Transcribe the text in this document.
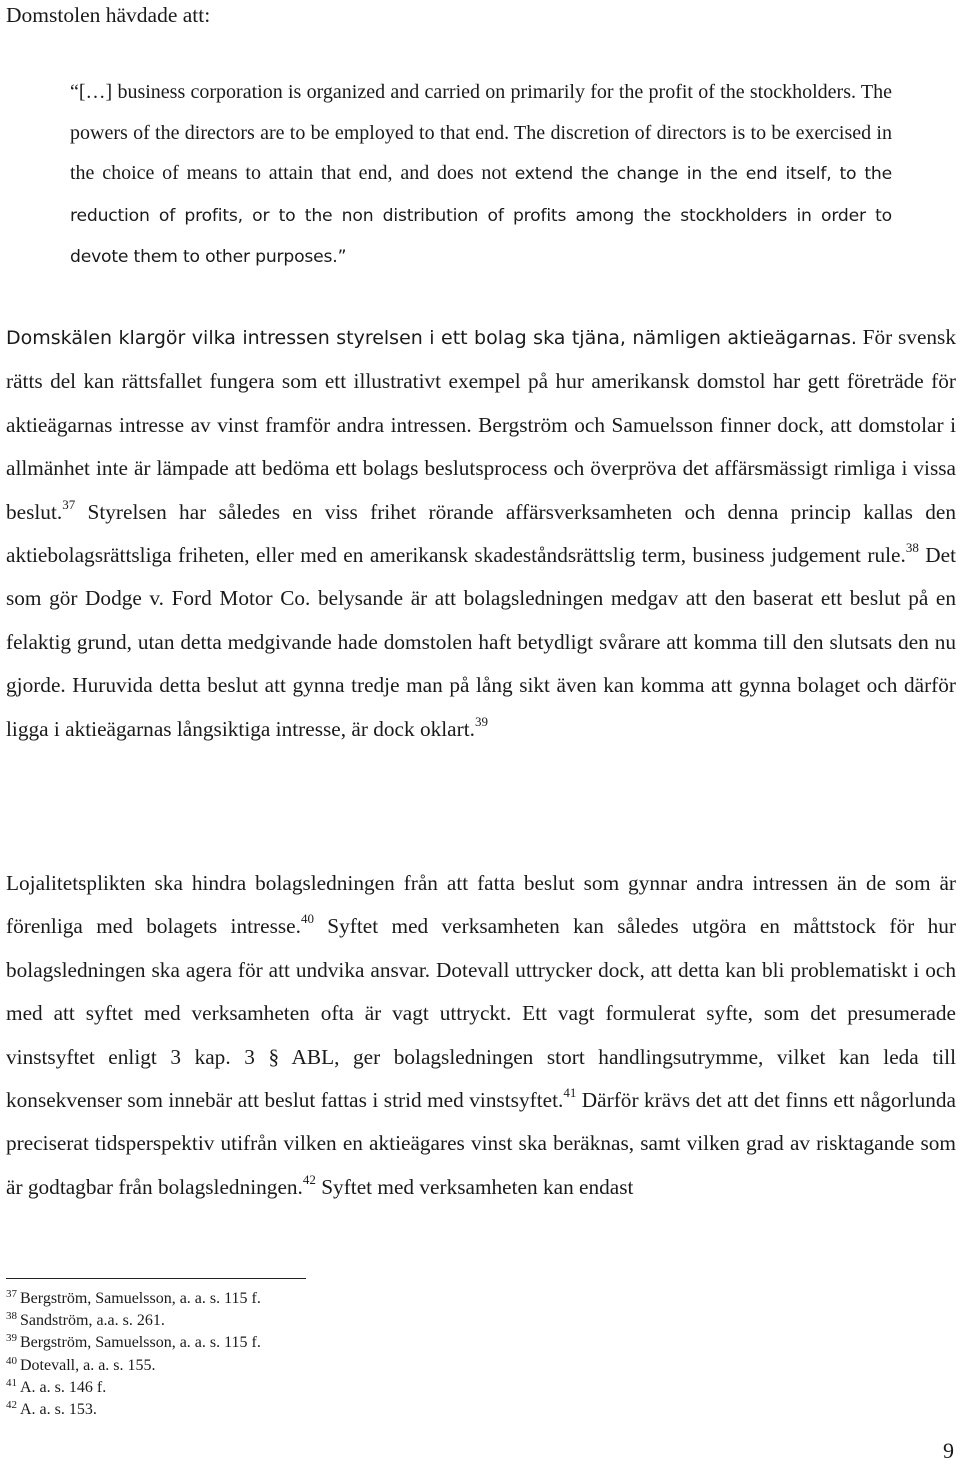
Domstolen hävdade att:

“[…] business corporation is organized and carried on primarily for the profit of the stockholders. The powers of the directors are to be employed to that end. The discretion of directors is to be exercised in the choice of means to attain that end, and does not extend the change in the end itself, to the reduction of profits, or to the non distribution of profits among the stockholders in order to devote them to other purposes.”

Domskälen klargör vilka intressen styrelsen i ett bolag ska tjäna, nämligen aktieägarnas. För svensk rätts del kan rättsfallet fungera som ett illustrativt exempel på hur amerikansk domstol har gett företräde för aktieägarnas intresse av vinst framför andra intressen. Bergström och Samuelsson finner dock, att domstolar i allmänhet inte är lämpade att bedöma ett bolags beslutsprocess och överpröva det affärsmässigt rimliga i vissa beslut.$^{37}$ Styrelsen har således en viss frihet rörande affärsverksamheten och denna princip kallas den aktiebolagsrättsliga friheten, eller med en amerikansk skadeståndsrättslig term, business judgement rule.$^{38}$ Det som gör Dodge v. Ford Motor Co. belysande är att bolagsledningen medgav att den baserat ett beslut på en felaktig grund, utan detta medgivande hade domstolen haft betydligt svårare att komma till den slutsats den nu gjorde. Huruvida detta beslut att gynna tredje man på lång sikt även kan komma att gynna bolaget och därför ligga i aktieägarnas långsiktiga intresse, är dock oklart.$^{39}$

Lojalitetsplikten ska hindra bolagsledningen från att fatta beslut som gynnar andra intressen än de som är förenliga med bolagets intresse.$^{40}$ Syftet med verksamheten kan således utgöra en måttstock för hur bolagsledningen ska agera för att undvika ansvar. Dotevall uttrycker dock, att detta kan bli problematiskt i och med att syftet med verksamheten ofta är vagt uttryckt. Ett vagt formulerat syfte, som det presumerade vinstsyftet enligt 3 kap. 3 § ABL, ger bolagsledningen stort handlingsutrymme, vilket kan leda till konsekvenser som innebär att beslut fattas i strid med vinstsyftet.$^{41}$ Därför krävs det att det finns ett någorlunda preciserat tidsperspektiv utifrån vilken en aktieägares vinst ska beräknas, samt vilken grad av risktagande som är godtagbar från bolagsledningen.$^{42}$ Syftet med verksamheten kan endast

$^{37}$ Bergström, Samuelsson, a. a. s. 115 f.
$^{38}$ Sandström, a.a. s. 261.
$^{39}$ Bergström, Samuelsson, a. a. s. 115 f.
$^{40}$ Dotevall, a. a. s. 155.
$^{41}$ A. a. s. 146 f.
$^{42}$ A. a. s. 153.
9
